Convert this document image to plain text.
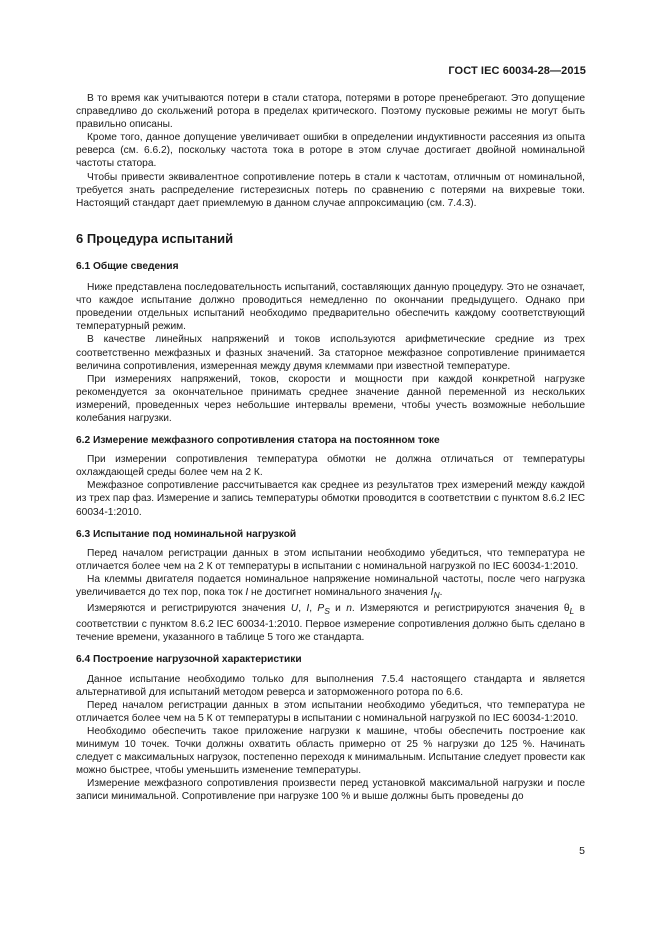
ГОСТ IEC 60034-28—2015

В то время как учитываются потери в стали статора, потерями в роторе пренебрегают. Это допущение справедливо до скольжений ротора в пределах критического. Поэтому пусковые режимы не могут быть правильно описаны.

Кроме того, данное допущение увеличивает ошибки в определении индуктивности рассеяния из опыта реверса (см. 6.6.2), поскольку частота тока в роторе в этом случае достигает двойной номинальной частоты статора.

Чтобы привести эквивалентное сопротивление потерь в стали к частотам, отличным от номинальной, требуется знать распределение гистерезисных потерь по сравнению с потерями на вихревые токи. Настоящий стандарт дает приемлемую в данном случае аппроксимацию (см. 7.4.3).

6 Процедура испытаний
6.1 Общие сведения

Ниже представлена последовательность испытаний, составляющих данную процедуру. Это не означает, что каждое испытание должно проводиться немедленно по окончании предыдущего. Однако при проведении отдельных испытаний необходимо предварительно обеспечить каждому соответствующий температурный режим.

В качестве линейных напряжений и токов используются арифметические средние из трех соответственно межфазных и фазных значений. За статорное межфазное сопротивление принимается величина сопротивления, измеренная между двумя клеммами при известной температуре.

При измерениях напряжений, токов, скорости и мощности при каждой конкретной нагрузке рекомендуется за окончательное принимать среднее значение данной переменной из нескольких измерений, проведенных через небольшие интервалы времени, чтобы учесть возможные небольшие колебания нагрузки.

6.2 Измерение межфазного сопротивления статора на постоянном токе

При измерении сопротивления температура обмотки не должна отличаться от температуры охлаждающей среды более чем на 2 К.

Межфазное сопротивление рассчитывается как среднее из результатов трех измерений между каждой из трех пар фаз. Измерение и запись температуры обмотки проводится в соответствии с пунктом 8.6.2 IEC 60034-1:2010.

6.3 Испытание под номинальной нагрузкой

Перед началом регистрации данных в этом испытании необходимо убедиться, что температура не отличается более чем на 2 К от температуры в испытании с номинальной нагрузкой по IEC 60034-1:2010.

На клеммы двигателя подается номинальное напряжение номинальной частоты, после чего нагрузка увеличивается до тех пор, пока ток I не достигнет номинального значения $I_N$.

Измеряются и регистрируются значения U, I, $P_S$ и n. Измеряются и регистрируются значения $\theta_L$ в соответствии с пунктом 8.6.2 IEC 60034-1:2010. Первое измерение сопротивления должно быть сделано в течение времени, указанного в таблице 5 того же стандарта.

6.4 Построение нагрузочной характеристики

Данное испытание необходимо только для выполнения 7.5.4 настоящего стандарта и является альтернативой для испытаний методом реверса и заторможенного ротора по 6.6.

Перед началом регистрации данных в этом испытании необходимо убедиться, что температура не отличается более чем на 5 К от температуры в испытании с номинальной нагрузкой по IEC 60034-1:2010.

Необходимо обеспечить такое приложение нагрузки к машине, чтобы обеспечить построение как минимум 10 точек. Точки должны охватить область примерно от 25 % нагрузки до 125 %. Начинать следует с максимальных нагрузок, постепенно переходя к минимальным. Испытание следует провести как можно быстрее, чтобы уменьшить изменение температуры.

Измерение межфазного сопротивления произвести перед установкой максимальной нагрузки и после записи минимальной. Сопротивление при нагрузке 100 % и выше должны быть проведены до

5
